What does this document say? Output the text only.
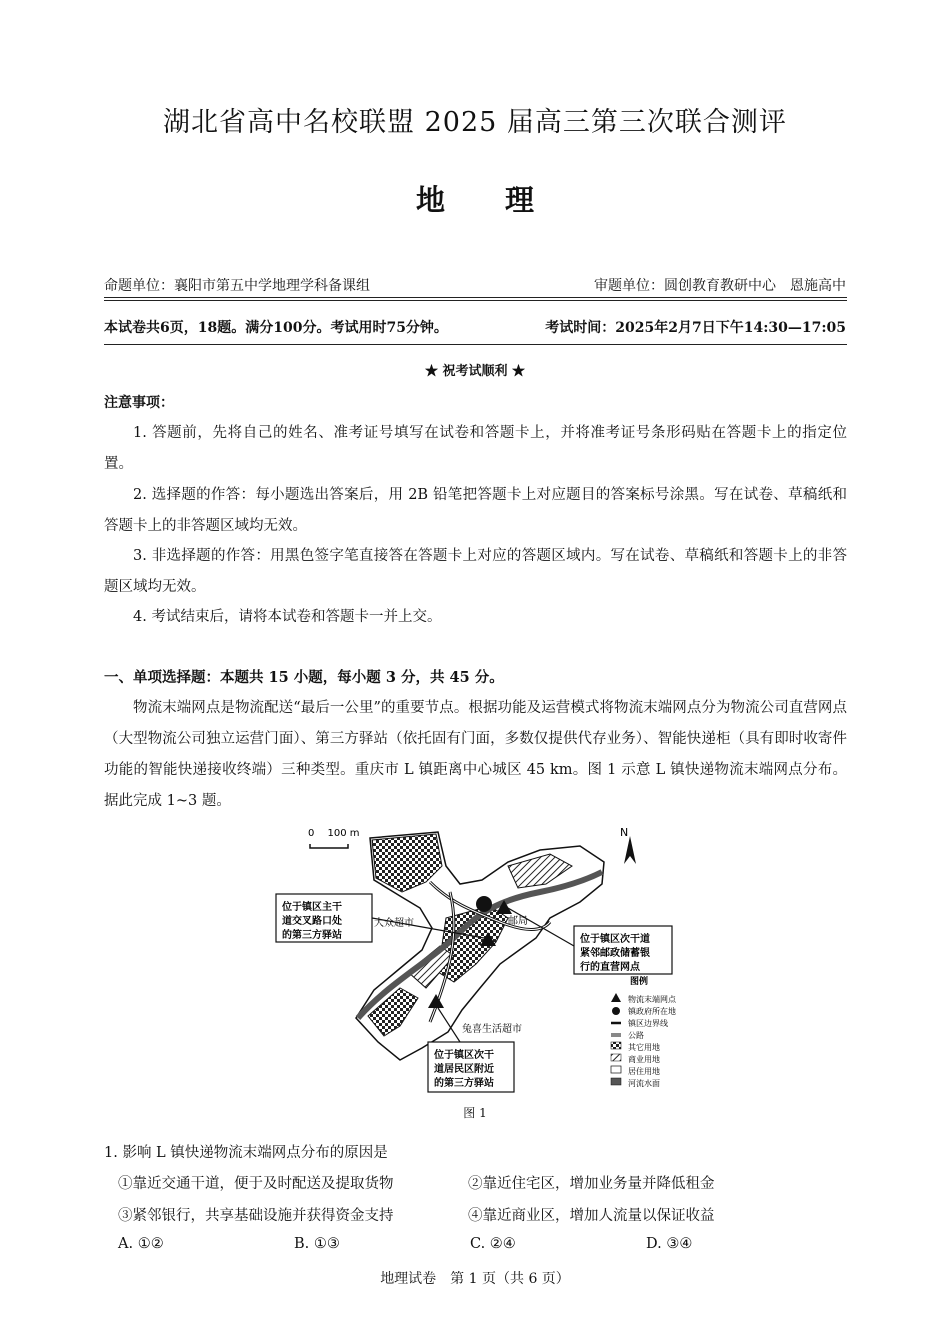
湖北省高中名校联盟 2025 届高三第三次联合测评
地理
命题单位：襄阳市第五中学地理学科备课组	审题单位：圆创教育教研中心　恩施高中
本试卷共6页，18题。满分100分。考试用时75分钟。	考试时间：2025年2月7日下午14:30—17:05
★ 祝考试顺利 ★
注意事项：
1. 答题前，先将自己的姓名、准考证号填写在试卷和答题卡上，并将准考证号条形码贴在答题卡上的指定位置。
2. 选择题的作答：每小题选出答案后，用 2B 铅笔把答题卡上对应题目的答案标号涂黑。写在试卷、草稿纸和答题卡上的非答题区域均无效。
3. 非选择题的作答：用黑色签字笔直接答在答题卡上对应的答题区域内。写在试卷、草稿纸和答题卡上的非答题区域均无效。
4. 考试结束后，请将本试卷和答题卡一并上交。
一、单项选择题：本题共 15 小题，每小题 3 分，共 45 分。
物流末端网点是物流配送“最后一公里”的重要节点。根据功能及运营模式将物流末端网点分为物流公司直营网点（大型物流公司独立运营门面）、第三方驿站（依托固有门面，多数仅提供代存业务）、智能快递柜（具有即时收寄件功能的智能快递接收终端）三种类型。重庆市 L 镇距离中心城区 45 km。图 1 示意 L 镇快递物流末端网点分布。据此完成 1~3 题。
0 　100 m	N
大众超市	邮局
兔喜生活超市
位于镇区主干
道交叉路口处
的第三方驿站	位于镇区次干道
紧邻邮政储蓄银
行的直营网点
位于镇区次干
道居民区附近
的第三方驿站
图例
物流末端网点
镇政府所在地
镇区边界线
公路
其它用地
商业用地
居住用地
河流水面
图 1
1. 影响 L 镇快递物流末端网点分布的原因是
①靠近交通干道，便于及时配送及提取货物	②靠近住宅区，增加业务量并降低租金
③紧邻银行，共享基础设施并获得资金支持	④靠近商业区，增加人流量以保证收益
A. ①②	B. ①③	C. ②④	D. ③④
地理试卷　第 1 页（共 6 页）
